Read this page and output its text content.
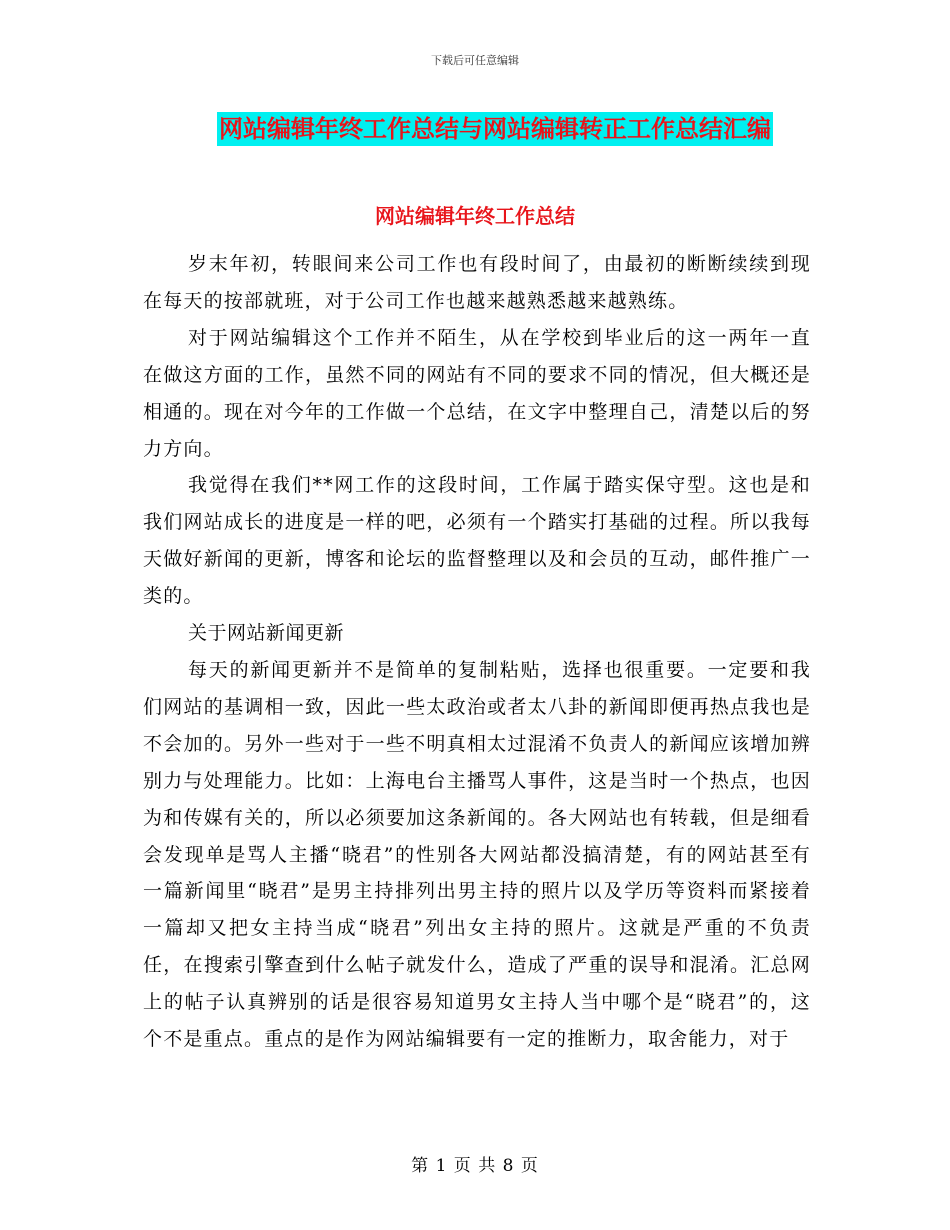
下载后可任意编辑
网站编辑年终工作总结与网站编辑转正工作总结汇编
网站编辑年终工作总结

岁末年初，转眼间来公司工作也有段时间了，由最初的断断续续到现在每天的按部就班，对于公司工作也越来越熟悉越来越熟练。

对于网站编辑这个工作并不陌生，从在学校到毕业后的这一两年一直在做这方面的工作，虽然不同的网站有不同的要求不同的情况，但大概还是相通的。现在对今年的工作做一个总结，在文字中整理自己，清楚以后的努力方向。

我觉得在我们**网工作的这段时间，工作属于踏实保守型。这也是和我们网站成长的进度是一样的吧，必须有一个踏实打基础的过程。所以我每天做好新闻的更新，博客和论坛的监督整理以及和会员的互动，邮件推广一类的。

关于网站新闻更新

每天的新闻更新并不是简单的复制粘贴，选择也很重要。一定要和我们网站的基调相一致，因此一些太政治或者太八卦的新闻即便再热点我也是不会加的。另外一些对于一些不明真相太过混淆不负责人的新闻应该增加辨别力与处理能力。比如：上海电台主播骂人事件，这是当时一个热点，也因为和传媒有关的，所以必须要加这条新闻的。各大网站也有转载，但是细看会发现单是骂人主播“晓君”的性别各大网站都没搞清楚，有的网站甚至有一篇新闻里“晓君”是男主持排列出男主持的照片以及学历等资料而紧接着一篇却又把女主持当成“晓君”列出女主持的照片。这就是严重的不负责任，在搜索引擎查到什么帖子就发什么，造成了严重的误导和混淆。汇总网上的帖子认真辨别的话是很容易知道男女主持人当中哪个是“晓君”的，这个不是重点。重点的是作为网站编辑要有一定的推断力，取舍能力，对于

第 1 页 共 8 页
